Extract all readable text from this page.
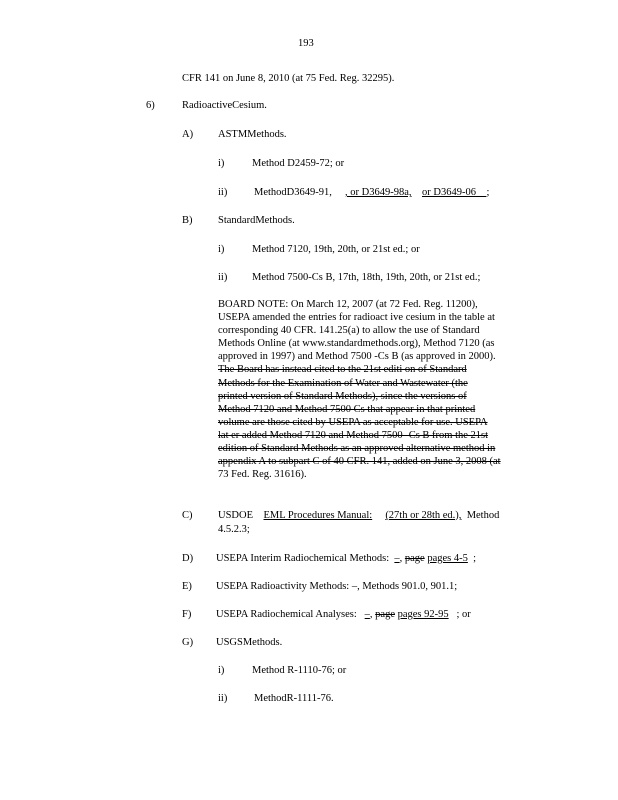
193
CFR 141 on June 8, 2010 (at 75 Fed. Reg. 32295).
6)	RadioactiveCesium.
A) ASTMMethods.
i)	Method D2459-72; or
ii)	MethodD3649-91, , or D3649-98a, or D3649-06 ;
B) StandardMethods.
i)	Method 7120, 19th, 20th, or 21st ed.; or
ii) Method 7500-Cs B, 17th, 18th, 19th, 20th, or 21st ed.;

BOARD NOTE: On March 12, 2007 (at 72 Fed. Reg. 11200),

USEPA amended the entries for radioact ive cesium in the table at

corresponding 40 CFR. 141.25(a) to allow the use of Standard

Methods Online (at www.standardmethods.org), Method 7120 (as

approved in 1997) and Method 7500 -Cs B (as approved in 2000).

The Board has instead cited to the 21st editi on of Standard

Methods for the Examination of Water and Wastewater (the

printed version of Standard Methods), since the versions of

Method 7120 and Method 7500 Cs that appear in that printed

volume are those cited by USEPA as acceptable for use. USEPA

lat er added Method 7120 and Method 7500 -Cs B from the 21st

edition of Standard Methods as an approved alternative method in

appendix A to subpart C of 40 CFR. 141, added on June 3, 2008 (at

73 Fed. Reg. 31616).

C) USDOE EML Procedures Manual: (27th or 28th ed.), Method
4.5.2.3;
D) USEPA Interim Radiochemical Methods: –, page pages 4-5 ;
E) USEPA Radioactivity Methods: –, Methods 901.0, 901.1;
F) USEPA Radiochemical Analyses: –, page pages 92-95 ; or
G) USGSMethods.
i)	Method R-1110-76; or
ii)	MethodR-1111-76.
